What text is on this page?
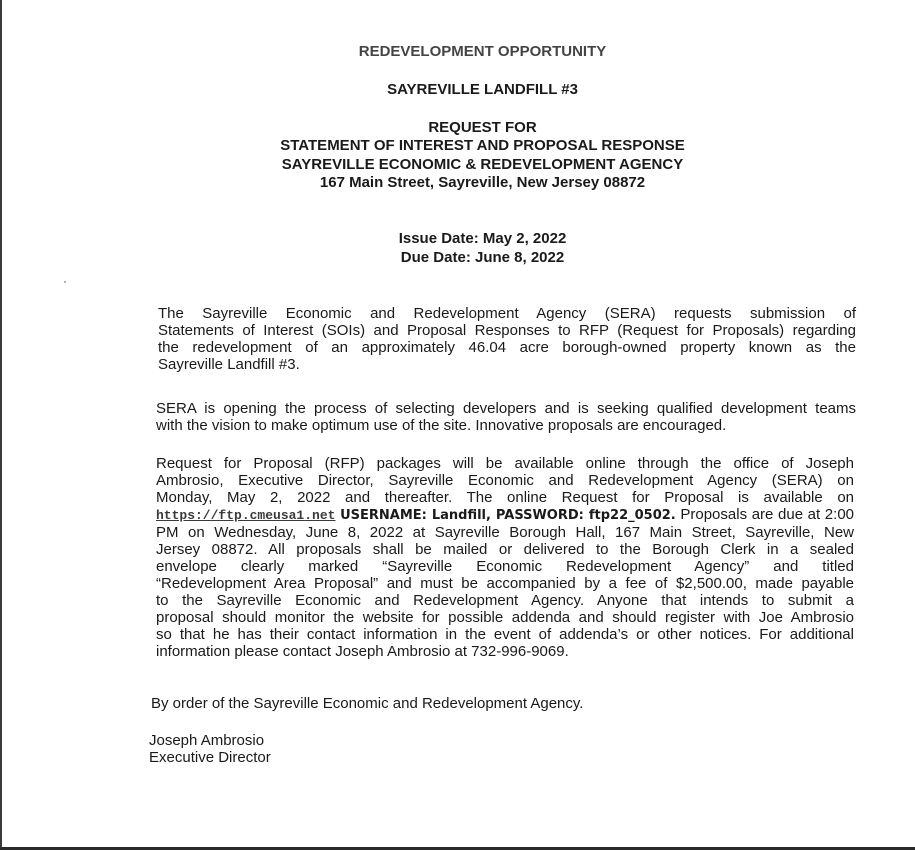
REDEVELOPMENT OPPORTUNITY
SAYREVILLE LANDFILL #3
REQUEST FOR
STATEMENT OF INTEREST AND PROPOSAL RESPONSE
SAYREVILLE ECONOMIC & REDEVELOPMENT AGENCY
167 Main Street, Sayreville, New Jersey 08872
Issue Date: May 2, 2022
Due Date: June 8, 2022
The Sayreville Economic and Redevelopment Agency (SERA) requests submission of
Statements of Interest (SOIs) and Proposal Responses to RFP (Request for Proposals) regarding
the redevelopment of an approximately 46.04 acre borough-owned property known as the
Sayreville Landfill #3.
SERA is opening the process of selecting developers and is seeking qualified development teams
with the vision to make optimum use of the site. Innovative proposals are encouraged.
Request for Proposal (RFP) packages will be available online through the office of Joseph
Ambrosio, Executive Director, Sayreville Economic and Redevelopment Agency (SERA) on
Monday, May 2, 2022 and thereafter. The online Request for Proposal is available on
https://ftp.cmeusa1.net USERNAME: Landfill, PASSWORD: ftp22_0502. Proposals are due at 2:00
PM on Wednesday, June 8, 2022 at Sayreville Borough Hall, 167 Main Street, Sayreville, New
Jersey 08872. All proposals shall be mailed or delivered to the Borough Clerk in a sealed
envelope clearly marked “Sayreville Economic Redevelopment Agency” and titled
“Redevelopment Area Proposal” and must be accompanied by a fee of $2,500.00, made payable
to the Sayreville Economic and Redevelopment Agency. Anyone that intends to submit a
proposal should monitor the website for possible addenda and should register with Joe Ambrosio
so that he has their contact information in the event of addenda’s or other notices. For additional
information please contact Joseph Ambrosio at 732-996-9069.
By order of the Sayreville Economic and Redevelopment Agency.
Joseph Ambrosio
Executive Director
